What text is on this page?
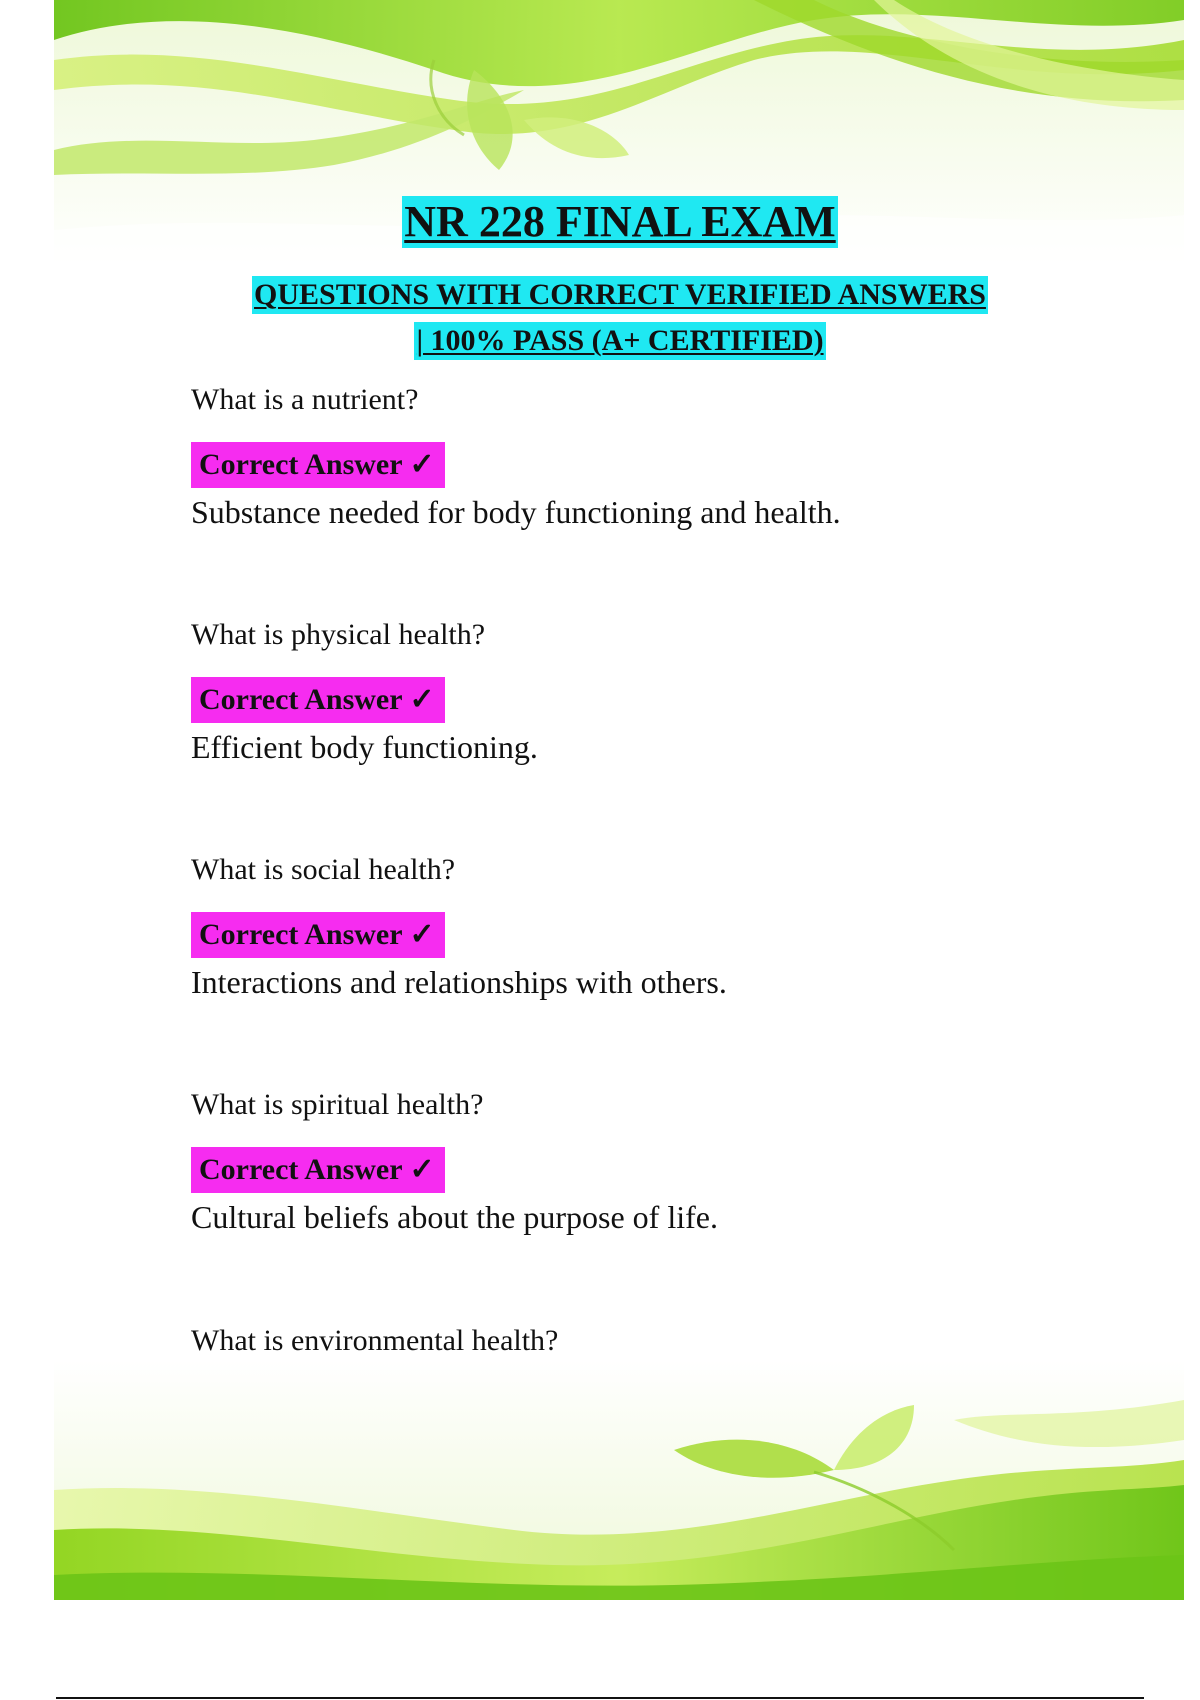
NR 228 FINAL EXAM
QUESTIONS WITH CORRECT VERIFIED ANSWERS
| 100% PASS (A+ CERTIFIED)

What is a nutrient?

Correct Answer ✓

Substance needed for body functioning and health.

What is physical health?

Correct Answer ✓

Efficient body functioning.

What is social health?

Correct Answer ✓

Interactions and relationships with others.

What is spiritual health?

Correct Answer ✓

Cultural beliefs about the purpose of life.

What is environmental health?
